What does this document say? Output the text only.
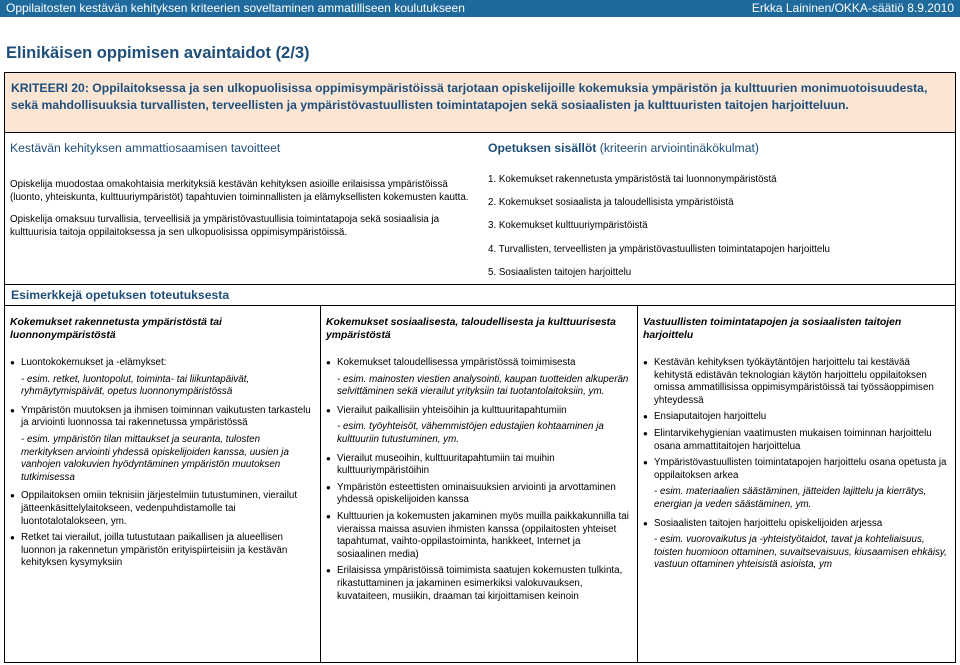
Oppilaitosten kestävän kehityksen kriteerien soveltaminen ammatilliseen koulutukseen	Erkka Laininen/OKKA-säätiö 8.9.2010
Elinikäisen oppimisen avaintaidot (2/3)
KRITEERI 20: Oppilaitoksessa ja sen ulkopuolisissa oppimisympäristöissä tarjotaan opiskelijoille kokemuksia ympäristön ja kulttuurien monimuotoisuudesta, sekä mahdollisuuksia turvallisten, terveellisten ja ympäristövastuullisten toimintatapojen sekä sosiaalisten ja kulttuuristen taitojen harjoitteluun.
Kestävän kehityksen ammattiosaamisen tavoitteet	Opetuksen sisällöt (kriteerin arviointinäkökulmat)

Opiskelija muodostaa omakohtaisia merkityksiä kestävän kehityksen asioille erilaisissa ympäristöissä (luonto, yhteiskunta, kulttuuriympäristöt) tapahtuvien toiminnallisten ja elämyksellisten kokemusten kautta.

Opiskelija omaksuu turvallisia, terveellisiä ja ympäristövastuullisia toimintatapoja sekä sosiaalisia ja kulttuurisia taitoja oppilaitoksessa ja sen ulkopuolisissa oppimisympäristöissä.

1. Kokemukset rakennetusta ympäristöstä tai luonnonympäristöstä
2. Kokemukset sosiaalista ja taloudellisista ympäristöistä
3. Kokemukset kulttuuriympäristöistä
4. Turvallisten, terveellisten ja ympäristövastuullisten toimintatapojen harjoittelu
5. Sosiaalisten taitojen harjoittelu
Esimerkkejä opetuksen toteutuksesta
Kokemukset rakennetusta ympäristöstä tai luonnonympäristöstä
● Luontokokemukset ja -elämykset:
- esim. retket, luontopolut, toiminta- tai liikuntapäivät, ryhmäytymispäivät, opetus luonnonympäristössä
● Ympäristön muutoksen ja ihmisen toiminnan vaikutusten tarkastelu ja arviointi luonnossa tai rakennetussa ympäristössä
- esim. ympäristön tilan mittaukset ja seuranta, tulosten merkityksen arviointi yhdessä opiskelijoiden kanssa, uusien ja vanhojen valokuvien hyödyntäminen ympäristön muutoksen tutkimisessa
● Oppilaitoksen omiin teknisiin järjestelmiin tutustuminen, vierailut jätteenkäsittelylaitokseen, vedenpuhdistamolle tai luontotalotalokseen, ym.
● Retket tai vierailut, joilla tutustutaan paikallisen ja alueellisen luonnon ja rakennetun ympäristön erityispiirteisiin ja kestävän kehityksen kysymyksiin
Kokemukset sosiaalisesta, taloudellisesta ja kulttuurisesta ympäristöstä
● Kokemukset taloudellisessa ympäristössä toimimisesta
- esim. mainosten viestien analysointi, kaupan tuotteiden alkuperän selvittäminen sekä vierailut yrityksiin tai tuotantolaitoksiin, ym.
● Vierailut paikallisiin yhteisöihin ja kulttuuritapahtumiin
- esim. työyhteisöt, vähemmistöjen edustajien kohtaaminen ja kulttuuriin tutustuminen, ym.
● Vierailut museoihin, kulttuuritapahtumiin tai muihin kulttuuriympäristöihin
● Ympäristön esteettisten ominaisuuksien arviointi ja arvottaminen yhdessä opiskelijoiden kanssa
● Kulttuurien ja kokemusten jakaminen myös muilla paikkakunnilla tai vieraissa maissa asuvien ihmisten kanssa (oppilaitosten yhteiset tapahtumat, vaihto-oppilastoiminta, hankkeet, Internet ja sosiaalinen media)
● Erilaisissa ympäristöissä toimimista saatujen kokemusten tulkinta, rikastuttaminen ja jakaminen esimerkiksi valokuvauksen, kuvataiteen, musiikin, draaman tai kirjoittamisen keinoin
Vastuullisten toimintatapojen ja sosiaalisten taitojen harjoittelu
● Kestävän kehityksen työkäytäntöjen harjoittelu tai kestävää kehitystä edistävän teknologian käytön harjoittelu oppilaitoksen omissa ammatillisissa oppimisympäristöissä tai työssäoppimisen yhteydessä
● Ensiaputaitojen harjoittelu
● Elintarvikehygienian vaatimusten mukaisen toiminnan harjoittelu osana ammattitaitojen harjoittelua
● Ympäristövastuullisten toimintatapojen harjoittelu osana opetusta ja oppilaitoksen arkea
- esim. materiaalien säästäminen, jätteiden lajittelu ja kierrätys, energian ja veden säästäminen, ym.
● Sosiaalisten taitojen harjoittelu opiskelijoiden arjessa
- esim. vuorovaikutus ja -yhteistyötaidot, tavat ja kohteliaisuus, toisten huomioon ottaminen, suvaitsevaisuus, kiusaamisen ehkäisy, vastuun ottaminen yhteisistä asioista, ym
